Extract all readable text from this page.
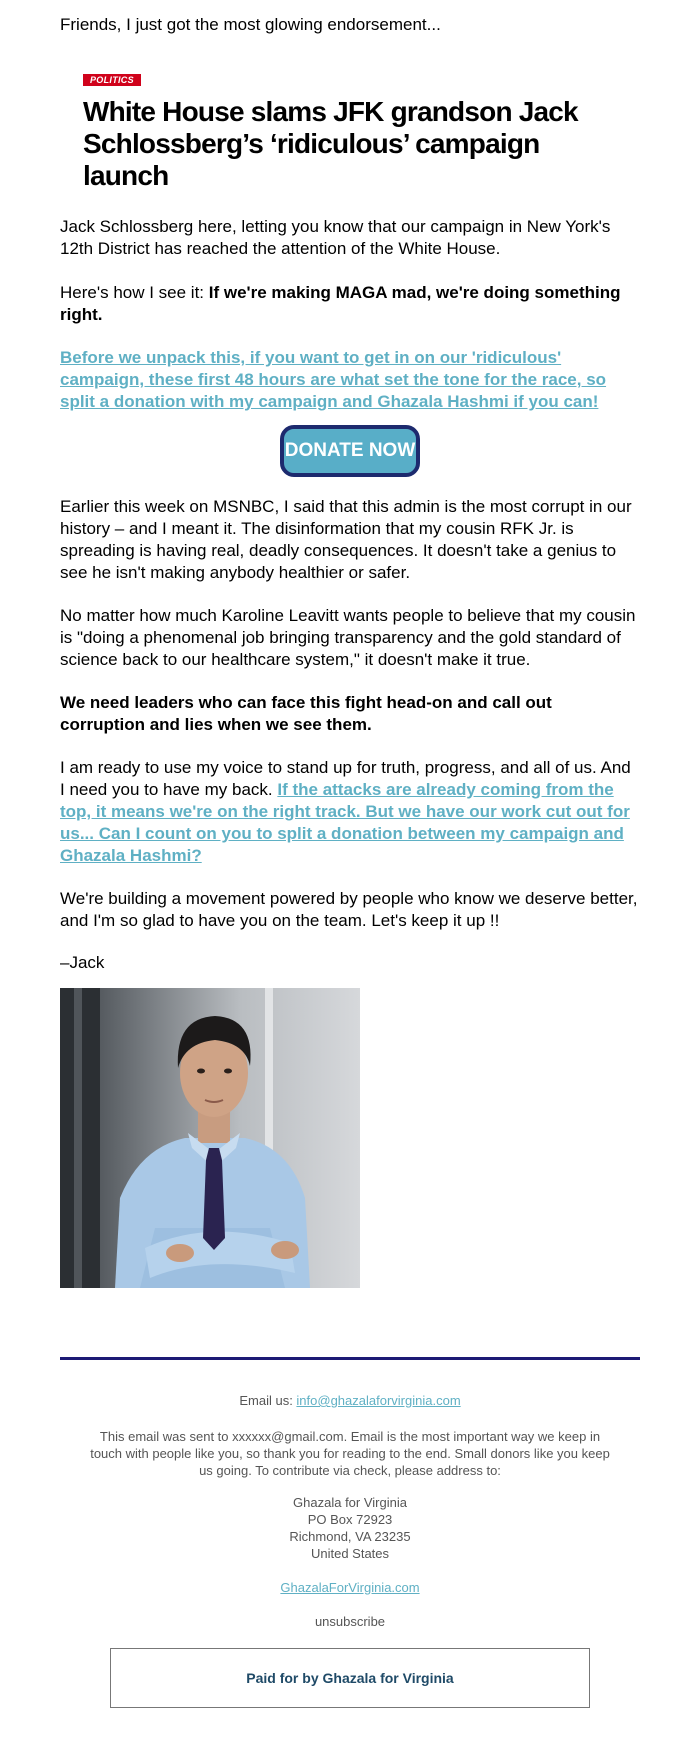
Friends, I just got the most glowing endorsement...

POLITICS
White House slams JFK grandson Jack Schlossberg’s ‘ridiculous’ campaign launch

Jack Schlossberg here, letting you know that our campaign in New York's 12th District has reached the attention of the White House.

Here's how I see it: If we're making MAGA mad, we're doing something right.

Before we unpack this, if you want to get in on our 'ridiculous' campaign, these first 48 hours are what set the tone for the race, so split a donation with my campaign and Ghazala Hashmi if you can!

DONATE NOW

Earlier this week on MSNBC, I said that this admin is the most corrupt in our history – and I meant it. The disinformation that my cousin RFK Jr. is spreading is having real, deadly consequences. It doesn't take a genius to see he isn't making anybody healthier or safer.

No matter how much Karoline Leavitt wants people to believe that my cousin is "doing a phenomenal job bringing transparency and the gold standard of science back to our healthcare system," it doesn't make it true.

We need leaders who can face this fight head-on and call out corruption and lies when we see them.

I am ready to use my voice to stand up for truth, progress, and all of us. And I need you to have my back. If the attacks are already coming from the top, it means we're on the right track. But we have our work cut out for us... Can I count on you to split a donation between my campaign and Ghazala Hashmi?

We're building a movement powered by people who know we deserve better, and I'm so glad to have you on the team. Let's keep it up !!

–Jack

Email us: info@ghazalaforvirginia.com
This email was sent to xxxxxx@gmail.com. Email is the most important way we keep in touch with people like you, so thank you for reading to the end. Small donors like you keep us going. To contribute via check, please address to:
Ghazala for Virginia
PO Box 72923
Richmond, VA 23235
United States
GhazalaForVirginia.com
unsubscribe
Paid for by Ghazala for Virginia
